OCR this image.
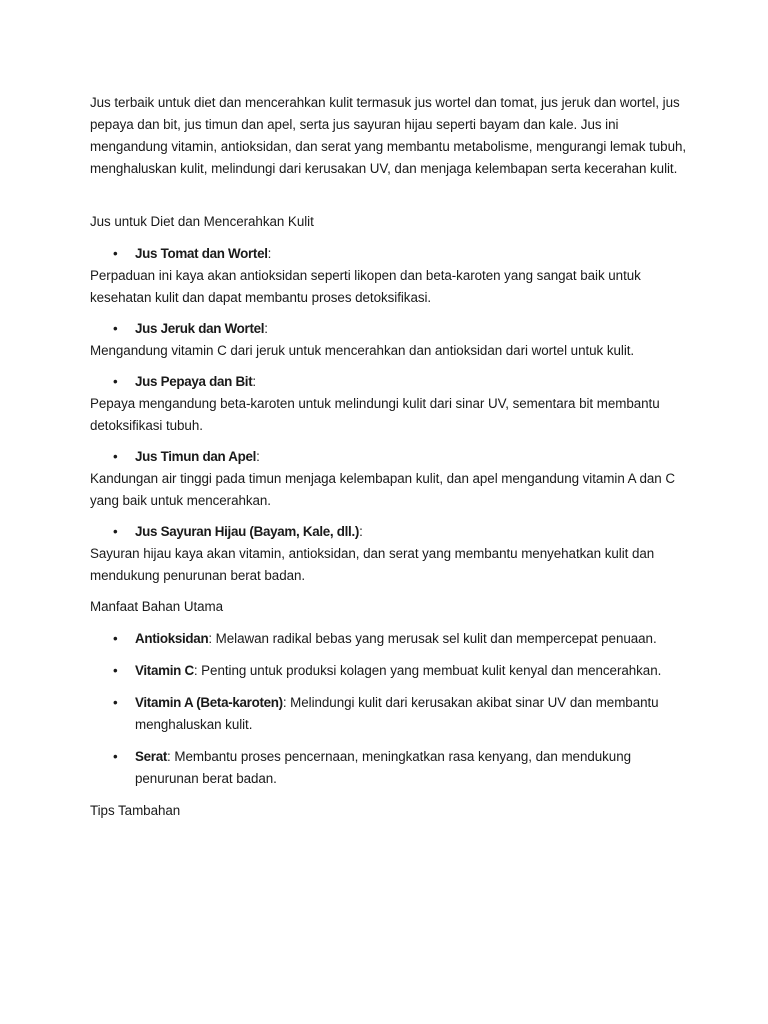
Jus terbaik untuk diet dan mencerahkan kulit termasuk jus wortel dan tomat, jus jeruk dan wortel, jus pepaya dan bit, jus timun dan apel, serta jus sayuran hijau seperti bayam dan kale. Jus ini mengandung vitamin, antioksidan, dan serat yang membantu metabolisme, mengurangi lemak tubuh, menghaluskan kulit, melindungi dari kerusakan UV, dan menjaga kelembapan serta kecerahan kulit.

Jus untuk Diet dan Mencerahkan Kulit

• Jus Tomat dan Wortel:

Perpaduan ini kaya akan antioksidan seperti likopen dan beta-karoten yang sangat baik untuk kesehatan kulit dan dapat membantu proses detoksifikasi.

• Jus Jeruk dan Wortel:

Mengandung vitamin C dari jeruk untuk mencerahkan dan antioksidan dari wortel untuk kulit.

• Jus Pepaya dan Bit:

Pepaya mengandung beta-karoten untuk melindungi kulit dari sinar UV, sementara bit membantu detoksifikasi tubuh.

• Jus Timun dan Apel:

Kandungan air tinggi pada timun menjaga kelembapan kulit, dan apel mengandung vitamin A dan C yang baik untuk mencerahkan.

• Jus Sayuran Hijau (Bayam, Kale, dll.):

Sayuran hijau kaya akan vitamin, antioksidan, dan serat yang membantu menyehatkan kulit dan mendukung penurunan berat badan.

Manfaat Bahan Utama

• Antioksidan: Melawan radikal bebas yang merusak sel kulit dan mempercepat penuaan.
• Vitamin C: Penting untuk produksi kolagen yang membuat kulit kenyal dan mencerahkan.
• Vitamin A (Beta-karoten): Melindungi kulit dari kerusakan akibat sinar UV dan membantu menghaluskan kulit.
• Serat: Membantu proses pencernaan, meningkatkan rasa kenyang, dan mendukung penurunan berat badan.

Tips Tambahan
